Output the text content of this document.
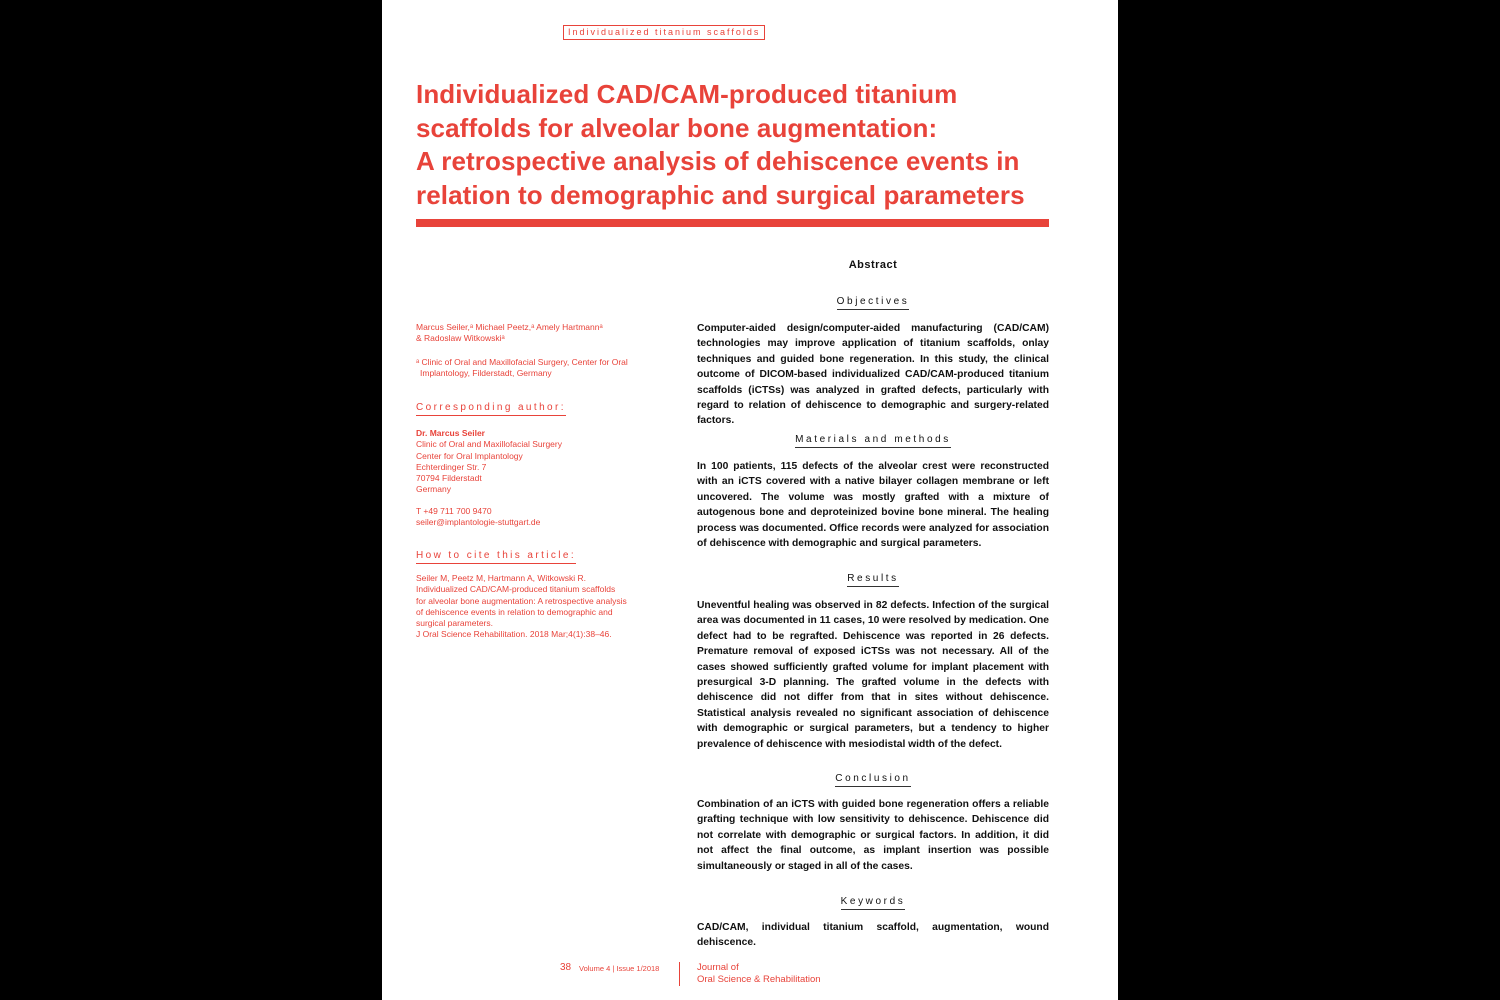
Individualized titanium scaffolds
Individualized CAD/CAM-produced titanium
scaffolds for alveolar bone augmentation:
A retrospective analysis of dehiscence events in
relation to demographic and surgical parameters

Marcus Seiler,ᵃ Michael Peetz,ᵃ Amely Hartmannᵃ

& Radoslaw Witkowskiᵃ

ᵃ Clinic of Oral and Maxillofacial Surgery, Center for Oral

Implantology, Filderstadt, Germany

Corresponding author:

Dr. Marcus Seiler

Clinic of Oral and Maxillofacial Surgery

Center for Oral Implantology

Echterdinger Str. 7

70794 Filderstadt

Germany

T +49 711 700 9470

seiler@implantologie-stuttgart.de

How to cite this article:

Seiler M, Peetz M, Hartmann A, Witkowski R.

Individualized CAD/CAM-produced titanium scaffolds

for alveolar bone augmentation: A retrospective analysis

of dehiscence events in relation to demographic and

surgical parameters.

J Oral Science Rehabilitation. 2018 Mar;4(1):38–46.

Abstract
Objectives

Computer-aided design/computer-aided manufacturing (CAD/CAM) technologies may improve application of titanium scaffolds, onlay techniques and guided bone regeneration. In this study, the clinical outcome of DICOM-based individualized CAD/CAM-produced titanium scaffolds (iCTSs) was analyzed in grafted defects, particularly with regard to relation of dehiscence to demographic and surgery-related factors.

Materials and methods

In 100 patients, 115 defects of the alveolar crest were reconstructed with an iCTS covered with a native bilayer collagen membrane or left uncovered. The volume was mostly grafted with a mixture of autogenous bone and deproteinized bovine bone mineral. The healing process was documented. Office records were analyzed for association of dehiscence with demographic and surgical parameters.

Results

Uneventful healing was observed in 82 defects. Infection of the surgical area was documented in 11 cases, 10 were resolved by medication. One defect had to be regrafted. Dehiscence was reported in 26 defects. Premature removal of exposed iCTSs was not necessary. All of the cases showed sufficiently grafted volume for implant placement with presurgical 3-D planning. The grafted volume in the defects with dehiscence did not differ from that in sites without dehiscence. Statistical analysis revealed no significant association of dehiscence with demographic or surgical parameters, but a tendency to higher prevalence of dehiscence with mesiodistal width of the defect.

Conclusion

Combination of an iCTS with guided bone regeneration offers a reliable grafting technique with low sensitivity to dehiscence. Dehiscence did not correlate with demographic or surgical factors. In addition, it did not affect the final outcome, as implant insertion was possible simultaneously or staged in all of the cases.

Keywords

CAD/CAM, individual titanium scaffold, augmentation, wound dehiscence.

38 Volume 4 | Issue 1/2018	Journal of
Oral Science & Rehabilitation
